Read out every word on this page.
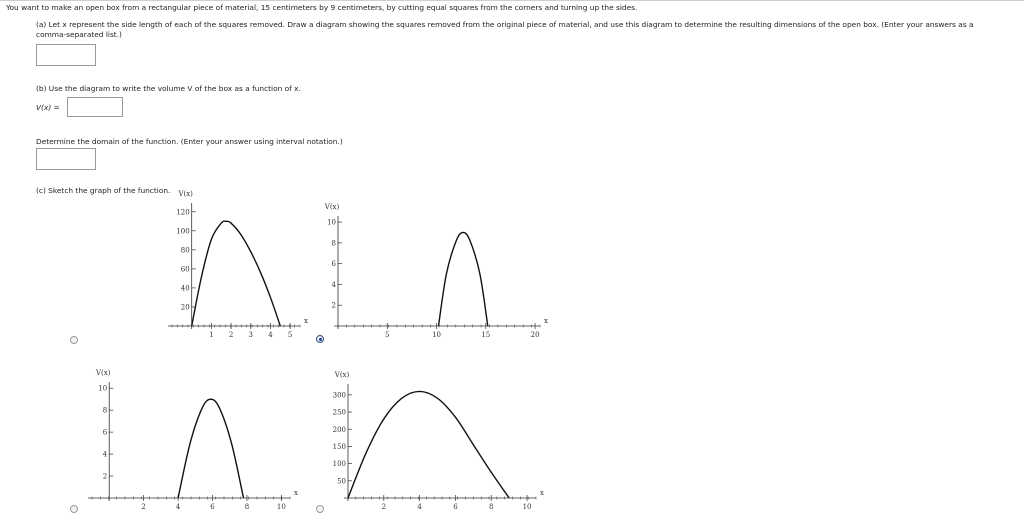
You want to make an open box from a rectangular piece of material, 15 centimeters by 9 centimeters, by cutting equal squares from the corners and turning up the sides.
(a) Let x represent the side length of each of the squares removed. Draw a diagram showing the squares removed from the original piece of material, and use this diagram to determine the resulting dimensions of the open box. (Enter your answers as a
comma-separated list.)
(b) Use the diagram to write the volume V of the box as a function of x.
V(x) =
Determine the domain of the function. (Enter your answer using interval notation.)
(c) Sketch the graph of the function.
1 2 3 4 5
20
40
60
80
100
120
V(x)
x
5	10	15	20
2
4
6
8
10
V(x)
x
2	4	6	8	10
2
4
6
8
10
V(x)
x
2	4	6	8	10
50
100
150
200
250
300
V(x)
x
